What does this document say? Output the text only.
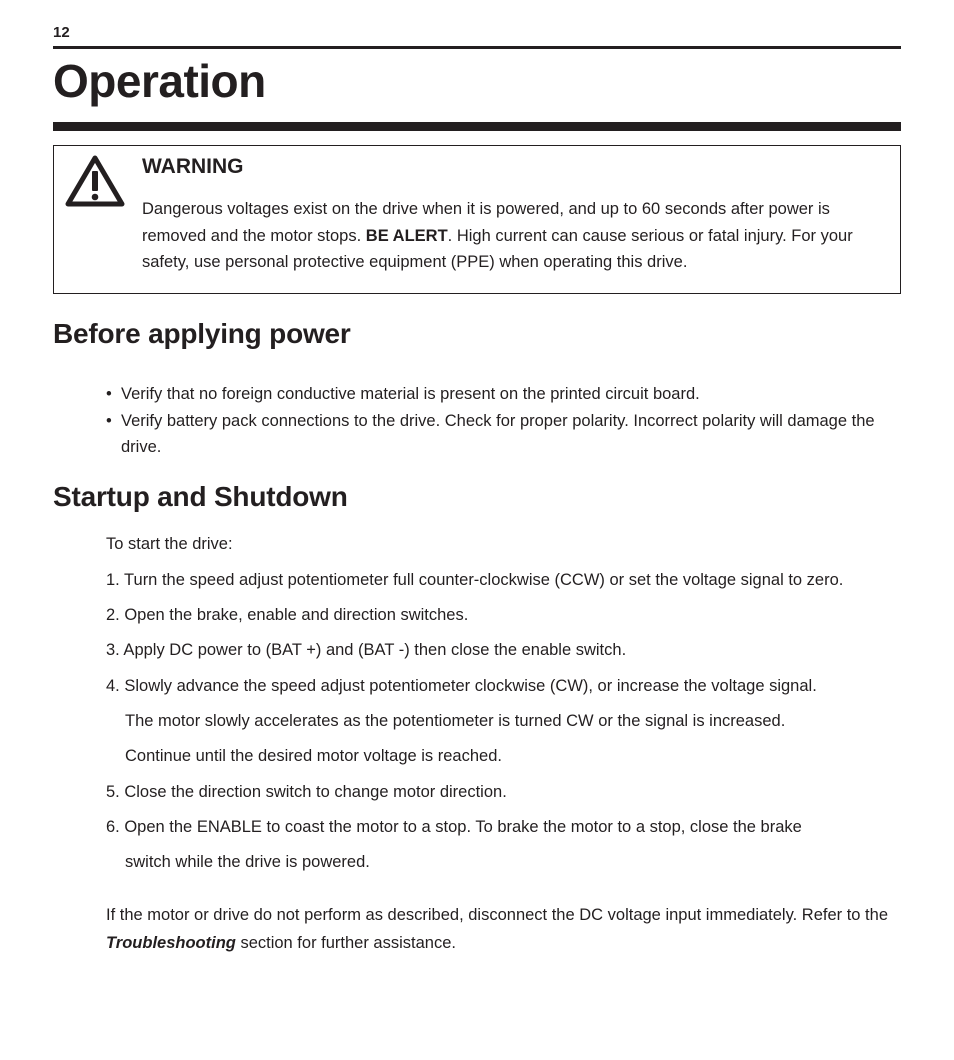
12
Operation
WARNING

Dangerous voltages exist on the drive when it is powered, and up to 60 seconds after power is removed and the motor stops. BE ALERT. High current can cause serious or fatal injury. For your safety, use personal protective equipment (PPE) when operating this drive.

Before applying power
• Verify that no foreign conductive material is present on the printed circuit board.
• Verify battery pack connections to the drive. Check for proper polarity. Incorrect polarity will damage the drive.
Startup and Shutdown
To start the drive:
1. Turn the speed adjust potentiometer full counter-clockwise (CCW) or set the voltage signal to zero.
2. Open the brake, enable and direction switches.
3. Apply DC power to (BAT +) and (BAT -) then close the enable switch.
4. Slowly advance the speed adjust potentiometer clockwise (CW), or increase the voltage signal.
The motor slowly accelerates as the potentiometer is turned CW or the signal is increased.
Continue until the desired motor voltage is reached.
5. Close the direction switch to change motor direction.
6. Open the ENABLE to coast the motor to a stop. To brake the motor to a stop, close the brake
switch while the drive is powered.

If the motor or drive do not perform as described, disconnect the DC voltage input immediately. Refer to the Troubleshooting section for further assistance.
